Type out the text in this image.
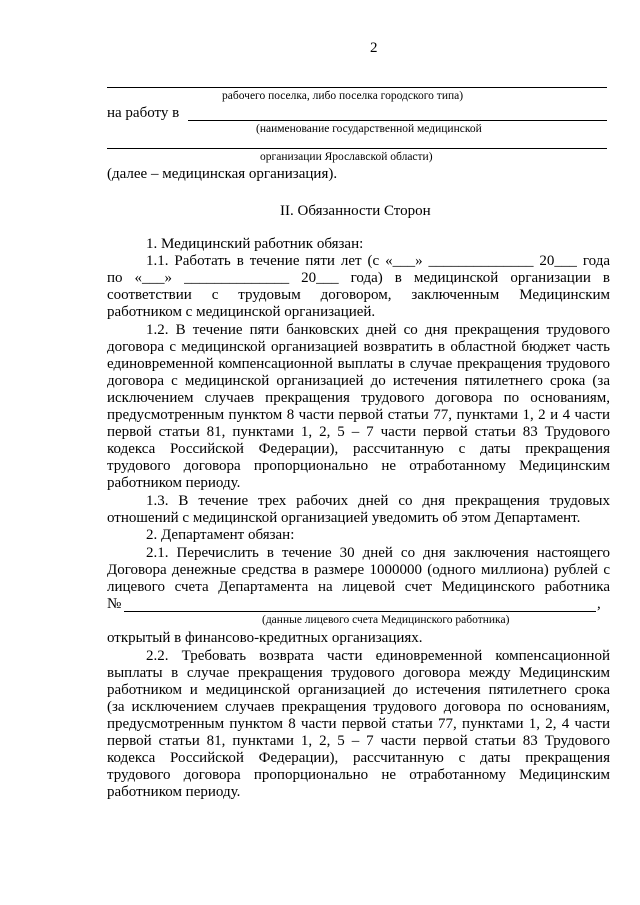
2
рабочего поселка, либо поселка городского типа)
на работу в
(наименование государственной медицинской
организации Ярославской области)
(далее – медицинская организация).
II. Обязанности Сторон
1. Медицинский работник обязан:
1.1. Работать в течение пяти лет (с «___» ______________ 20___ года
по «___» ______________ 20___ года) в медицинской организации в
соответствии с трудовым договором, заключенным Медицинским
работником с медицинской организацией.
1.2. В течение пяти банковских дней со дня прекращения трудового
договора с медицинской организацией возвратить в областной бюджет часть
единовременной компенсационной выплаты в случае прекращения трудового
договора с медицинской организацией до истечения пятилетнего срока (за
исключением случаев прекращения трудового договора по основаниям,
предусмотренным пунктом 8 части первой статьи 77, пунктами 1, 2 и 4 части
первой статьи 81, пунктами 1, 2, 5 – 7 части первой статьи 83 Трудового
кодекса Российской Федерации), рассчитанную с даты прекращения
трудового договора пропорционально не отработанному Медицинским
работником периоду.
1.3. В течение трех рабочих дней со дня прекращения трудовых
отношений с медицинской организацией уведомить об этом Департамент.
2. Департамент обязан:
2.1. Перечислить в течение 30 дней со дня заключения настоящего
Договора денежные средства в размере 1000000 (одного миллиона) рублей с
лицевого счета Департамента на лицевой счет Медицинского работника
№	,
(данные лицевого счета Медицинского работника)
открытый в финансово-кредитных организациях.
2.2. Требовать возврата части единовременной компенсационной
выплаты в случае прекращения трудового договора между Медицинским
работником и медицинской организацией до истечения пятилетнего срока
(за исключением случаев прекращения трудового договора по основаниям,
предусмотренным пунктом 8 части первой статьи 77, пунктами 1, 2, 4 части
первой статьи 81, пунктами 1, 2, 5 – 7 части первой статьи 83 Трудового
кодекса Российской Федерации), рассчитанную с даты прекращения
трудового договора пропорционально не отработанному Медицинским
работником периоду.
